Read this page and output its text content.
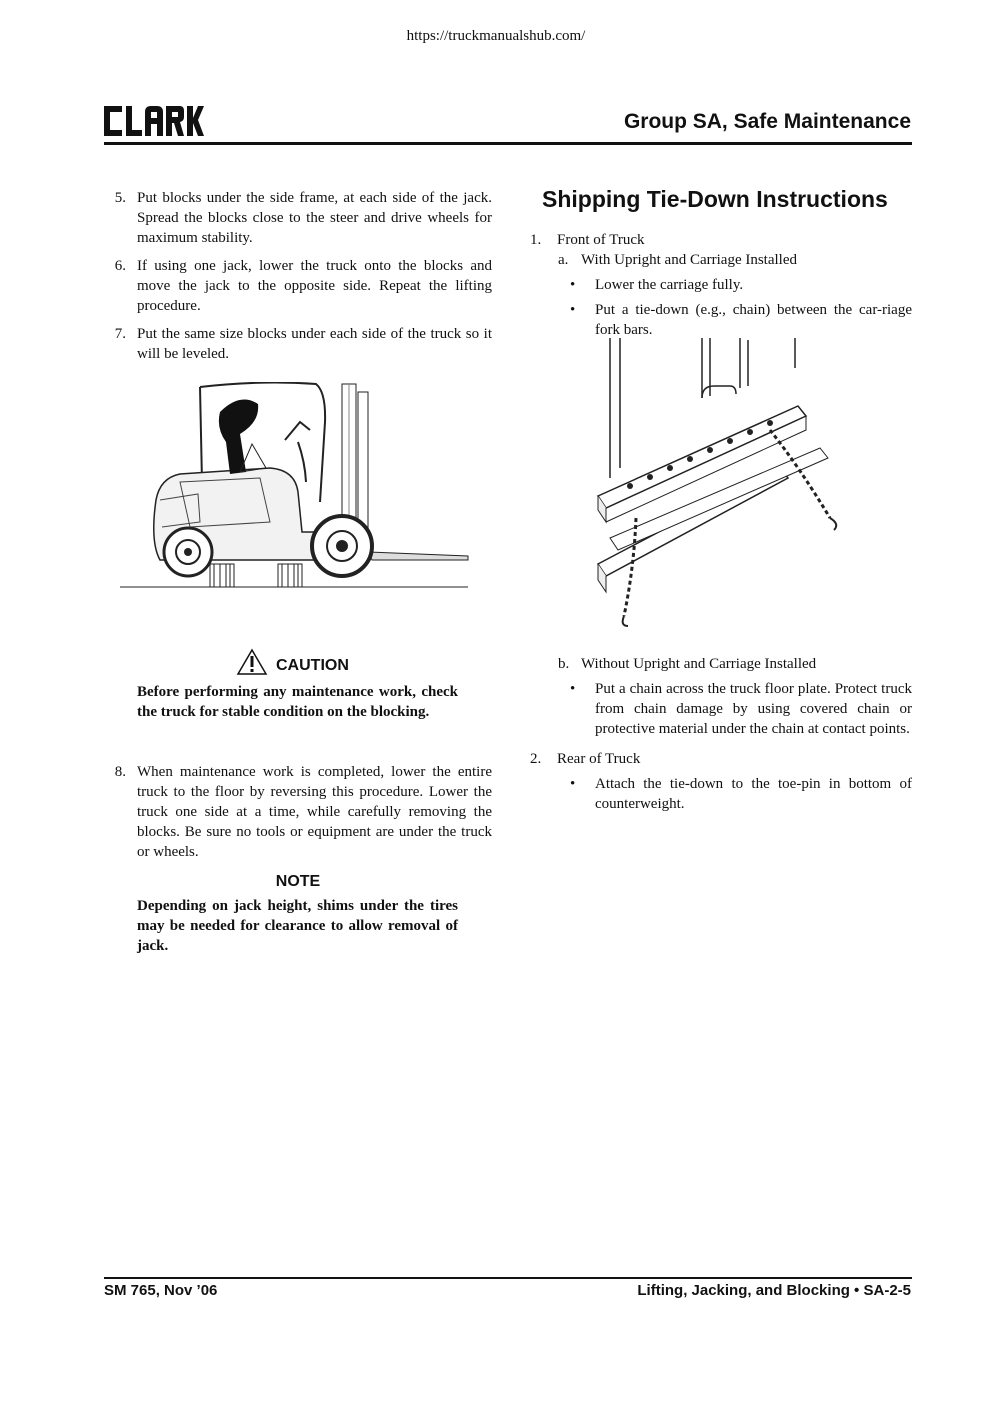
https://truckmanualshub.com/
Group SA, Safe Maintenance
5. Put blocks under the side frame, at each side of the jack. Spread the blocks close to the steer and drive wheels for maximum stability.
6. If using one jack, lower the truck onto the blocks and move the jack to the opposite side. Repeat the lifting procedure.
7. Put the same size blocks under each side of the truck so it will be leveled.
CAUTION
Before performing any maintenance work, check the truck for stable condition on the blocking.
8. When maintenance work is completed, lower the entire truck to the floor by reversing this procedure. Lower the truck one side at a time, while carefully removing the blocks. Be sure no tools or equipment are under the truck or wheels.
NOTE
Depending on jack height, shims under the tires may be needed for clearance to allow removal of jack.
Shipping Tie-Down Instructions
1. Front of Truck
a. With Upright and Carriage Installed
• Lower the carriage fully.
• Put a tie-down (e.g., chain) between the car-riage fork bars.
b. Without Upright and Carriage Installed
• Put a chain across the truck floor plate. Protect truck from chain damage by using covered chain or protective material under the chain at contact points.
2. Rear of Truck
• Attach the tie-down to the toe-pin in bottom of counterweight.
SM 765, Nov ’06	Lifting, Jacking, and Blocking • SA-2-5
